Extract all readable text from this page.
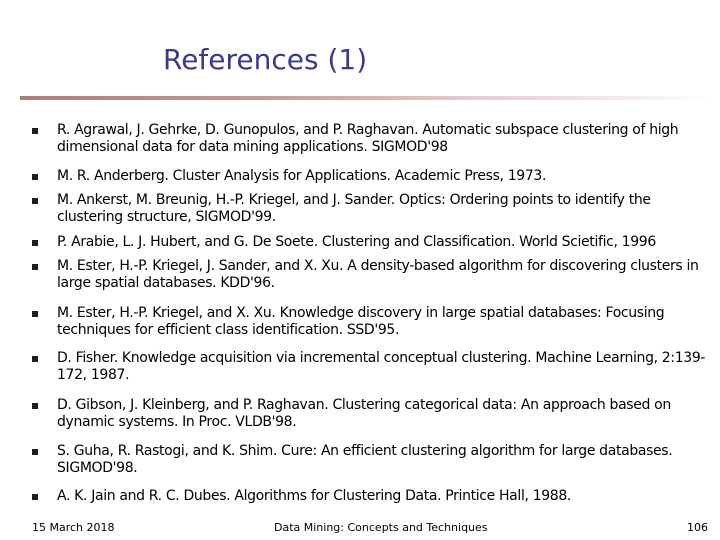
References (1)
R. Agrawal, J. Gehrke, D. Gunopulos, and P. Raghavan. Automatic subspace clustering of high dimensional data for data mining applications. SIGMOD'98
M. R. Anderberg. Cluster Analysis for Applications. Academic Press, 1973.
M. Ankerst, M. Breunig, H.-P. Kriegel, and J. Sander. Optics: Ordering points to identify the clustering structure, SIGMOD'99.
P. Arabie, L. J. Hubert, and G. De Soete. Clustering and Classification. World Scietific, 1996
M. Ester, H.-P. Kriegel, J. Sander, and X. Xu. A density-based algorithm for discovering clusters in large spatial databases. KDD'96.
M. Ester, H.-P. Kriegel, and X. Xu. Knowledge discovery in large spatial databases: Focusing techniques for efficient class identification. SSD'95.
D. Fisher. Knowledge acquisition via incremental conceptual clustering. Machine Learning, 2:139-172, 1987.
D. Gibson, J. Kleinberg, and P. Raghavan. Clustering categorical data: An approach based on dynamic systems. In Proc. VLDB'98.
S. Guha, R. Rastogi, and K. Shim. Cure: An efficient clustering algorithm for large databases. SIGMOD'98.
A. K. Jain and R. C. Dubes. Algorithms for Clustering Data. Printice Hall, 1988.
15 March 2018	Data Mining: Concepts and Techniques	106
